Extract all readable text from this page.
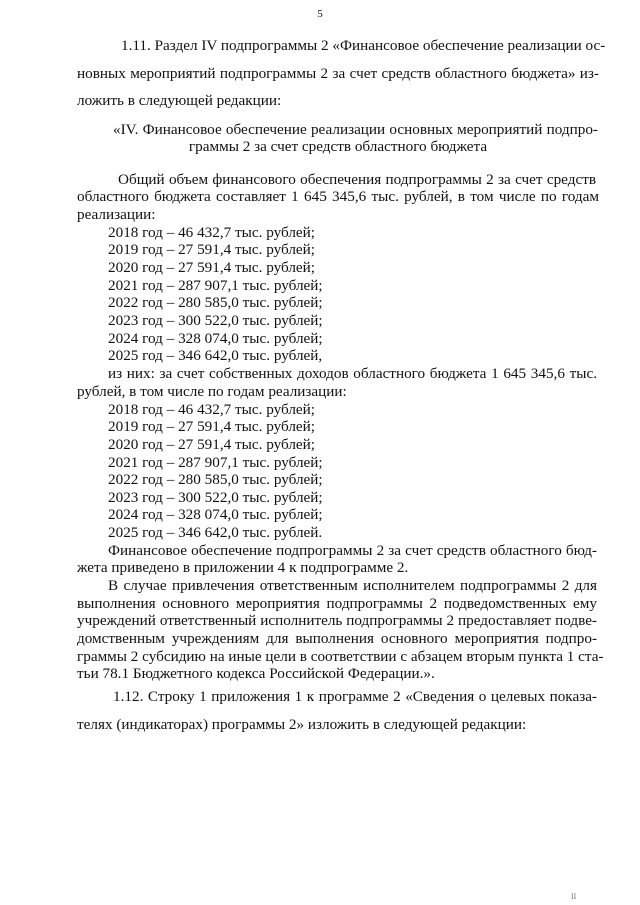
5
1.11. Раздел IV подпрограммы 2 «Финансовое обеспечение реализации ос-
новных мероприятий подпрограммы 2 за счет средств областного бюджета» из-
ложить в следующей редакции:
«IV. Финансовое обеспечение реализации основных мероприятий подпро-
граммы 2 за счет средств областного бюджета
Общий объем финансового обеспечения подпрограммы 2 за счет средств
областного бюджета составляет 1 645 345,6 тыс. рублей, в том числе по годам
реализации:
2018 год – 46 432,7 тыс. рублей;
2019 год – 27 591,4 тыс. рублей;
2020 год – 27 591,4 тыс. рублей;
2021 год – 287 907,1 тыс. рублей;
2022 год – 280 585,0 тыс. рублей;
2023 год – 300 522,0 тыс. рублей;
2024 год – 328 074,0 тыс. рублей;
2025 год – 346 642,0 тыс. рублей,
из них: за счет собственных доходов областного бюджета 1 645 345,6 тыс.
рублей, в том числе по годам реализации:
2018 год – 46 432,7 тыс. рублей;
2019 год – 27 591,4 тыс. рублей;
2020 год – 27 591,4 тыс. рублей;
2021 год – 287 907,1 тыс. рублей;
2022 год – 280 585,0 тыс. рублей;
2023 год – 300 522,0 тыс. рублей;
2024 год – 328 074,0 тыс. рублей;
2025 год – 346 642,0 тыс. рублей.
Финансовое обеспечение подпрограммы 2 за счет средств областного бюд-
жета приведено в приложении 4 к подпрограмме 2.
В случае привлечения ответственным исполнителем подпрограммы 2 для
выполнения основного мероприятия подпрограммы 2 подведомственных ему
учреждений ответственный исполнитель подпрограммы 2 предоставляет подве-
домственным учреждениям для выполнения основного мероприятия подпро-
граммы 2 субсидию на иные цели в соответствии с абзацем вторым пункта 1 ста-
тьи 78.1 Бюджетного кодекса Российской Федерации.».
1.12. Строку 1 приложения 1 к программе 2 «Сведения о целевых показа-
телях (индикаторах) программы 2» изложить в следующей редакции:
II
